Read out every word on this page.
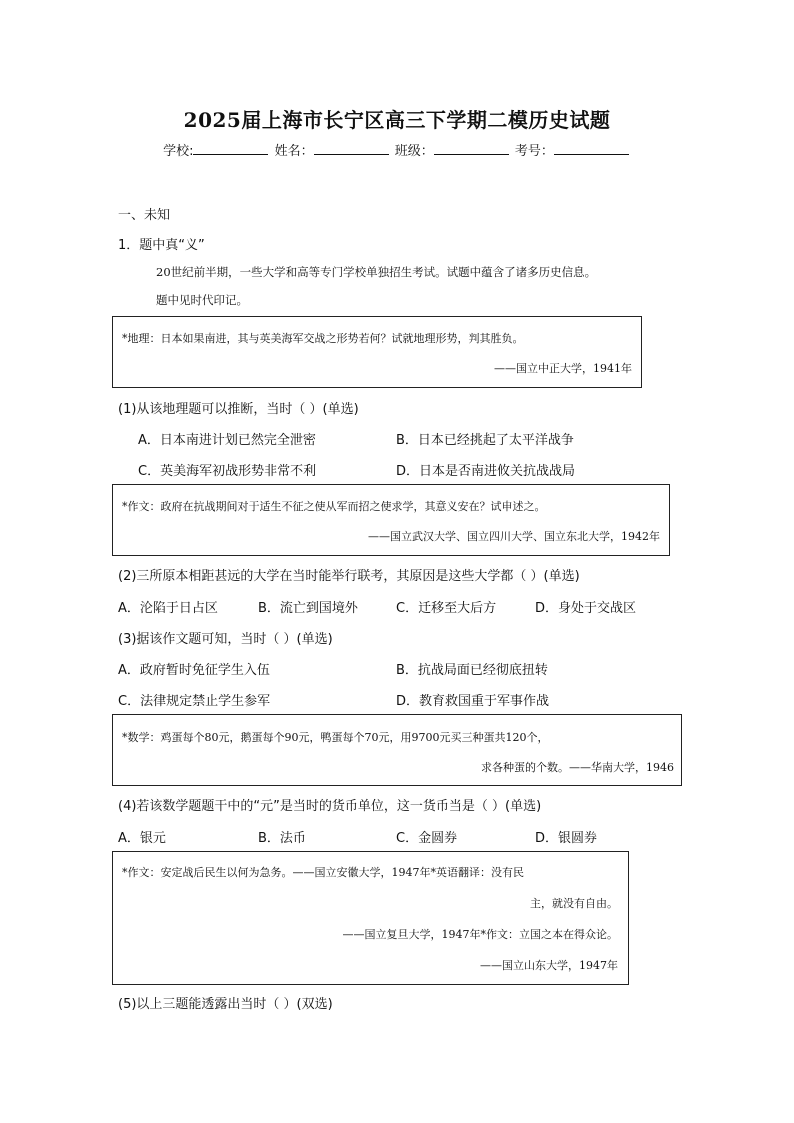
2025届上海市长宁区高三下学期二模历史试题
学校:	姓名：	班级：	考号：
一、未知
1．题中真“义”
20世纪前半期，一些大学和高等专门学校单独招生考试。试题中蕴含了诸多历史信息。
题中见时代印记。
*地理：日本如果南进，其与英美海军交战之形势若何？试就地理形势，判其胜负。
——国立中正大学，1941年
(1)从该地理题可以推断，当时（ ）(单选)
A．日本南进计划已然完全泄密	B．日本已经挑起了太平洋战争
C．英美海军初战形势非常不利	D．日本是否南进攸关抗战战局
*作文：政府在抗战期间对于适生不征之使从军而招之使求学，其意义安在？试申述之。
——国立武汉大学、国立四川大学、国立东北大学，1942年
(2)三所原本相距甚远的大学在当时能举行联考，其原因是这些大学都（ ）(单选)
A．沦陷于日占区	B．流亡到国境外	C．迁移至大后方	D．身处于交战区
(3)据该作文题可知，当时（ ）(单选)
A．政府暂时免征学生入伍	B．抗战局面已经彻底扭转
C．法律规定禁止学生参军	D．教育救国重于军事作战
*数学：鸡蛋每个80元，鹅蛋每个90元，鸭蛋每个70元，用9700元买三种蛋共120个，
求各种蛋的个数。——华南大学，1946
(4)若该数学题题干中的“元”是当时的货币单位，这一货币当是（ ）(单选)
A．银元	B．法币	C．金圆券	D．银圆券
*作文：安定战后民生以何为急务。——国立安徽大学，1947年*英语翻译：没有民
主，就没有自由。
——国立复旦大学，1947年*作文：立国之本在得众论。
——国立山东大学，1947年
(5)以上三题能透露出当时（ ）(双选)
